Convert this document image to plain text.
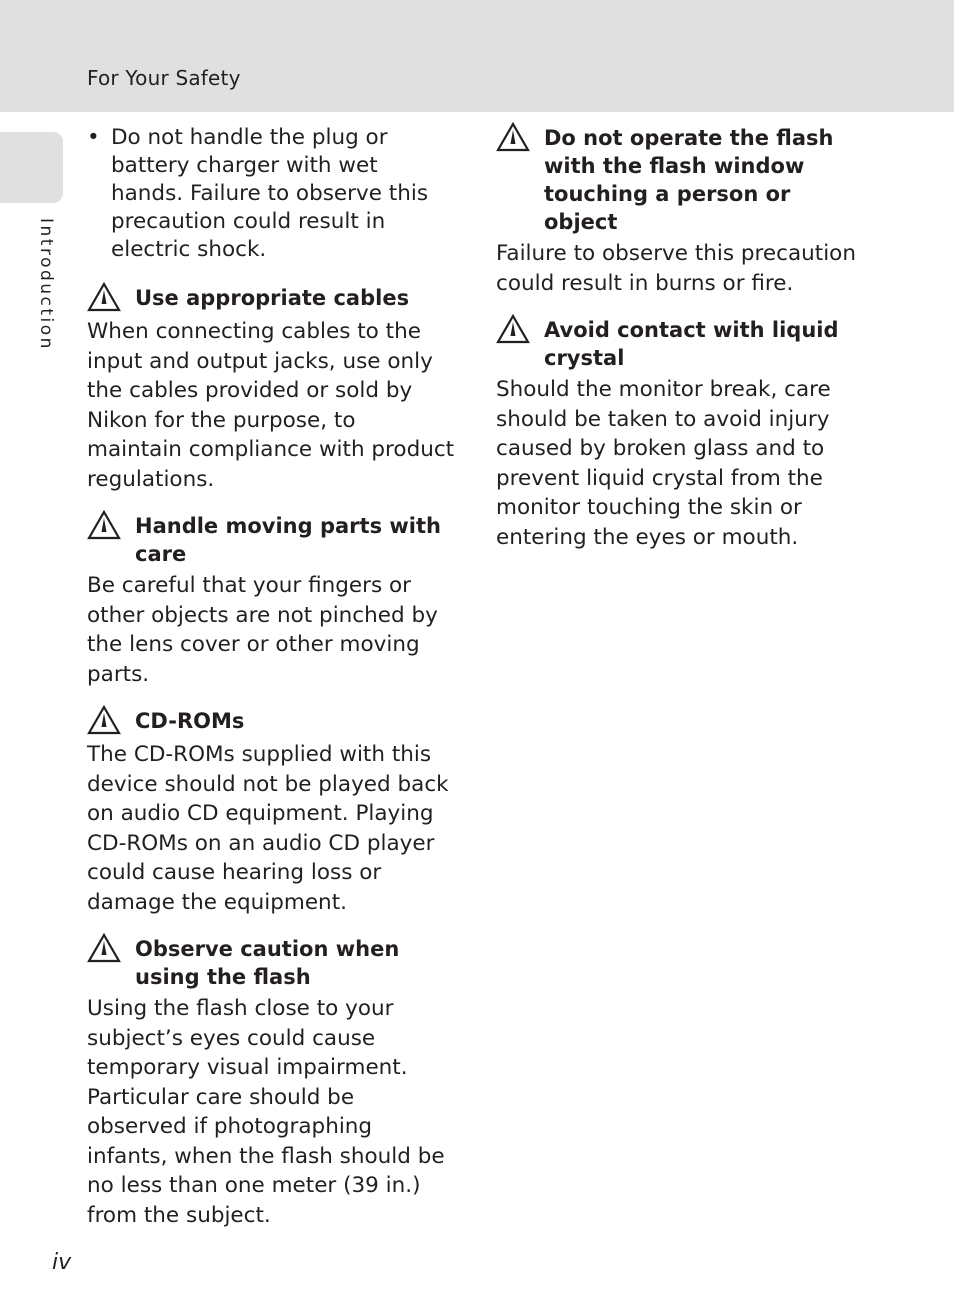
For Your Safety
Introduction
• Do not handle the plug or battery charger with wet hands. Failure to observe this precaution could result in electric shock.

Use appropriate cables

When connecting cables to the input and output jacks, use only the cables provided or sold by Nikon for the purpose, to maintain compliance with product regulations.

Handle moving parts with care

Be careful that your fingers or other objects are not pinched by the lens cover or other moving parts.

CD-ROMs

The CD-ROMs supplied with this device should not be played back on audio CD equipment. Playing CD-ROMs on an audio CD player could cause hearing loss or damage the equipment.

Observe caution when using the flash

Using the flash close to your subject’s eyes could cause temporary visual impairment. Particular care should be observed if photographing infants, when the flash should be no less than one meter (39 in.) from the subject.

Do not operate the flash with the flash window touching a person or object

Failure to observe this precaution could result in burns or fire.

Avoid contact with liquid crystal

Should the monitor break, care should be taken to avoid injury caused by broken glass and to prevent liquid crystal from the monitor touching the skin or entering the eyes or mouth.

iv
